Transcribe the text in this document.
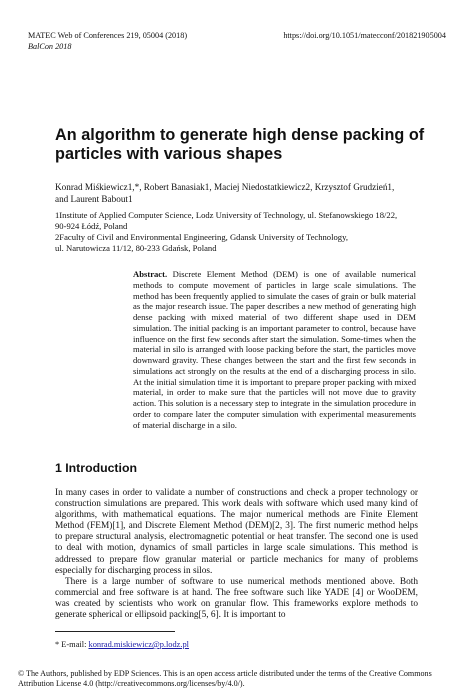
MATEC Web of Conferences 219, 05004 (2018)
BalCon 2018
https://doi.org/10.1051/matecconf/201821905004
An algorithm to generate high dense packing of particles with various shapes
Konrad Miśkiewicz1,*, Robert Banasiak1, Maciej Niedostatkiewicz2, Krzysztof Grudzień1,
and Laurent Babout1
1Institute of Applied Computer Science, Lodz University of Technology, ul. Stefanowskiego 18/22,
90-924 Łódź, Poland
2Faculty of Civil and Environmental Engineering, Gdansk University of Technology,
ul. Narutowicza 11/12, 80-233 Gdańsk, Poland
Abstract. Discrete Element Method (DEM) is one of available numerical methods to compute movement of particles in large scale simulations. The method has been frequently applied to simulate the cases of grain or bulk material as the major research issue. The paper describes a new method of generating high dense packing with mixed material of two different shape used in DEM simulation. The initial packing is an important parameter to control, because have influence on the first few seconds after start the simulation. Some-times when the material in silo is arranged with loose packing before the start, the particles move downward gravity. These changes between the start and the first few seconds in simulations act strongly on the results at the end of a discharging process in silo. At the initial simulation time it is important to prepare proper packing with mixed material, in order to make sure that the particles will not move due to gravity action. This solution is a necessary step to integrate in the simulation procedure in order to compare later the computer simulation with experimental measurements of material discharge in a silo.
1 Introduction

In many cases in order to validate a number of constructions and check a proper technology or construction simulations are prepared. This work deals with software which used many kind of algorithms, with mathematical equations. The major numerical methods are Finite Element Method (FEM)[1], and Discrete Element Method (DEM)[2, 3]. The first numeric method helps to prepare structural analysis, electromagnetic potential or heat transfer. The second one is used to deal with motion, dynamics of small particles in large scale simulations. This method is addressed to prepare flow granular material or particle mechanics for many of problems especially for discharging process in silos.

There is a large number of software to use numerical methods mentioned above. Both commercial and free software is at hand. The free software such like YADE [4] or WooDEM, was created by scientists who work on granular flow. This frameworks explore methods to generate spherical or ellipsoid packing[5, 6]. It is important to

* E-mail: konrad.miskiewicz@p.lodz.pl
© The Authors, published by EDP Sciences. This is an open access article distributed under the terms of the Creative Commons Attribution License 4.0 (http://creativecommons.org/licenses/by/4.0/).
